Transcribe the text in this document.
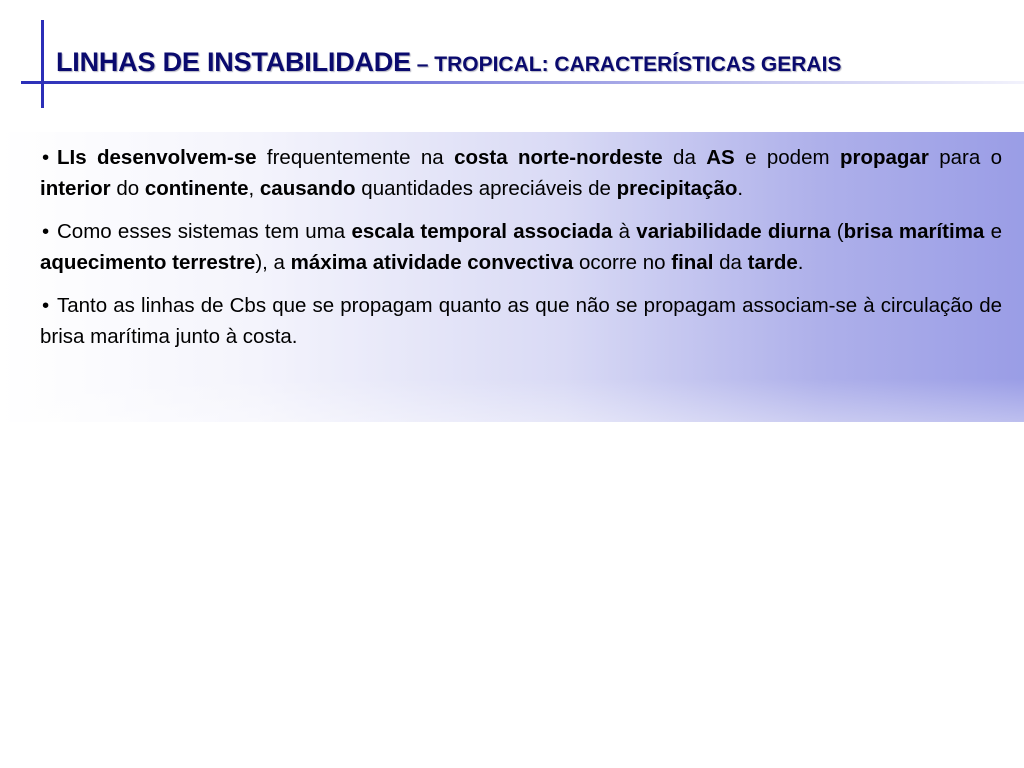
LINHAS DE INSTABILIDADE – TROPICAL: CARACTERÍSTICAS GERAIS
• LIs desenvolvem-se frequentemente na costa norte-nordeste da AS e podem propagar para o interior do continente, causando quantidades apreciáveis de precipitação.
• Como esses sistemas tem uma escala temporal associada à variabilidade diurna (brisa marítima e aquecimento terrestre), a máxima atividade convectiva ocorre no final da tarde.
• Tanto as linhas de Cbs que se propagam quanto as que não se propagam associam-se à circulação de brisa marítima junto à costa.
